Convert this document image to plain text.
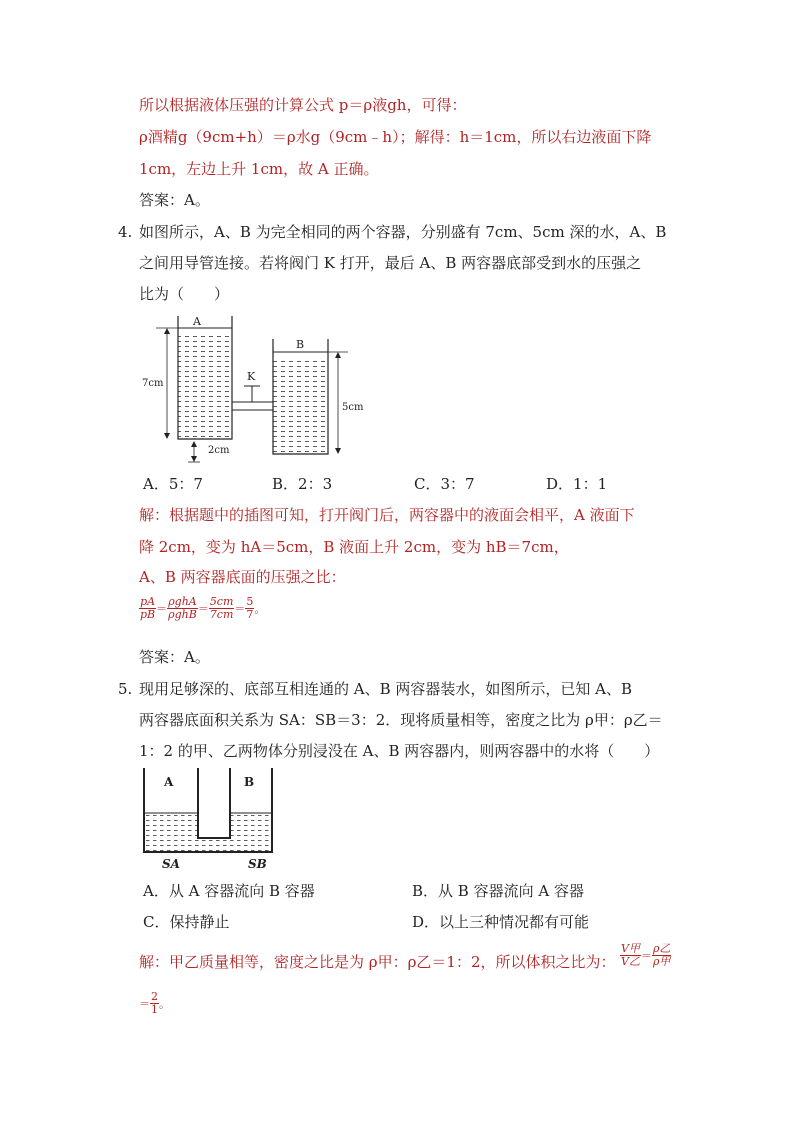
所以根据液体压强的计算公式 p＝ρ液gh，可得：
ρ酒精g（9cm+h）＝ρ水g（9cm﹣h）；解得：h＝1cm，所以右边液面下降
1cm，左边上升 1cm，故 A 正确。
答案：A。
4. 如图所示，A、B 为完全相同的两个容器，分别盛有 7cm、5cm 深的水，A、B
之间用导管连接。若将阀门 K 打开，最后 A、B 两容器底部受到水的压强之
比为（　　）
A
B
K
7cm
2cm
5cm
A．5：7	B．2：3	C．3：7	D．1：1
解：根据题中的插图可知，打开阀门后，两容器中的液面会相平，A 液面下
降 2cm，变为 hA＝5cm，B 液面上升 2cm，变为 hB＝7cm，
A、B 两容器底面的压强之比：
$\frac{pA}{pB} = \frac{\text{ρghA}}{\text{ρghB}} = \frac{5cm}{7cm} = \frac{5}{7}$ 。
答案：A。
5. 现用足够深的、底部互相连通的 A、B 两容器装水，如图所示，已知 A、B
两容器底面积关系为 SA：SB＝3：2．现将质量相等，密度之比为 ρ甲：ρ乙＝
1：2 的甲、乙两物体分别浸没在 A、B 两容器内，则两容器中的水将（　　）
A	B
SA	SB
A．从 A 容器流向 B 容器	B．从 B 容器流向 A 容器
C．保持静止	D．以上三种情况都有可能
解：甲乙质量相等，密度之比是为 ρ甲：ρ乙＝1：2，所以体积之比为： $\frac{\text{V甲}}{\text{V乙}} = \frac{\text{ρ乙}}{\text{ρ甲}}$
＝ $\frac{2}{1}$ 。
